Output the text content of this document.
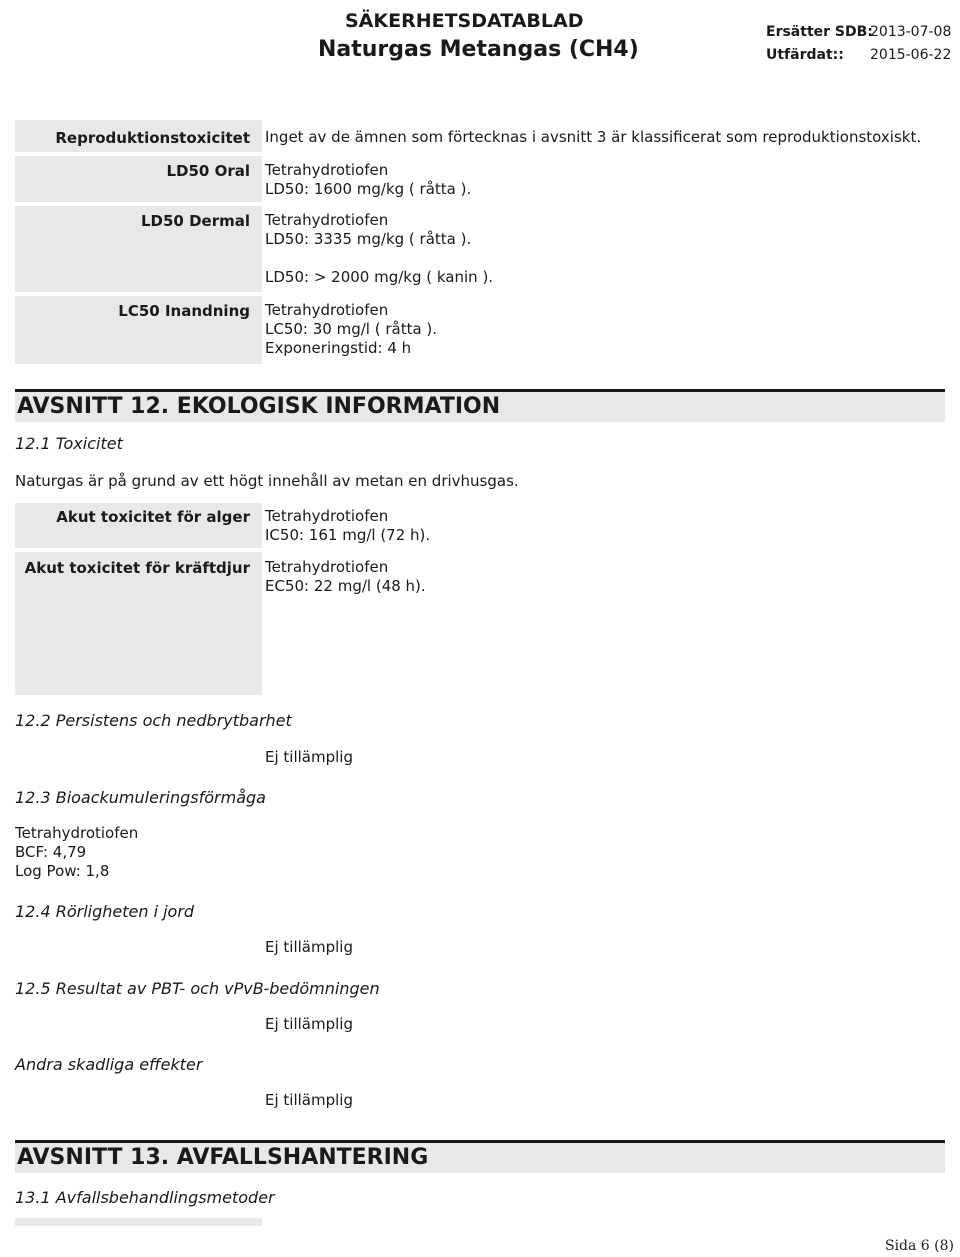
SÄKERHETSDATABLAD
Naturgas Metangas (CH4)
Ersätter SDB:
2013-07-08
Utfärdat:: 2015-06-22
Reproduktionstoxicitet Inget av de ämnen som förtecknas i avsnitt 3 är klassificerat som reproduktionstoxiskt.
LD50 Oral Tetrahydrotiofen
LD50: 1600 mg/kg ( råtta ).
LD50 Dermal Tetrahydrotiofen
LD50: 3335 mg/kg ( råtta ).
LD50: > 2000 mg/kg ( kanin ).
LC50 Inandning Tetrahydrotiofen
LC50: 30 mg/l ( råtta ).
Exponeringstid: 4 h
AVSNITT 12. EKOLOGISK INFORMATION
12.1 Toxicitet
Naturgas är på grund av ett högt innehåll av metan en drivhusgas.
Akut toxicitet för alger Tetrahydrotiofen
IC50: 161 mg/l (72 h).
Akut toxicitet för kräftdjur Tetrahydrotiofen
EC50: 22 mg/l (48 h).
12.2 Persistens och nedbrytbarhet
Ej tillämplig
12.3 Bioackumuleringsförmåga
Tetrahydrotiofen
BCF: 4,79
Log Pow: 1,8
12.4 Rörligheten i jord
Ej tillämplig
12.5 Resultat av PBT- och vPvB-bedömningen
Ej tillämplig
Andra skadliga effekter
Ej tillämplig
AVSNITT 13. AVFALLSHANTERING
13.1 Avfallsbehandlingsmetoder
Sida 6 (8)
